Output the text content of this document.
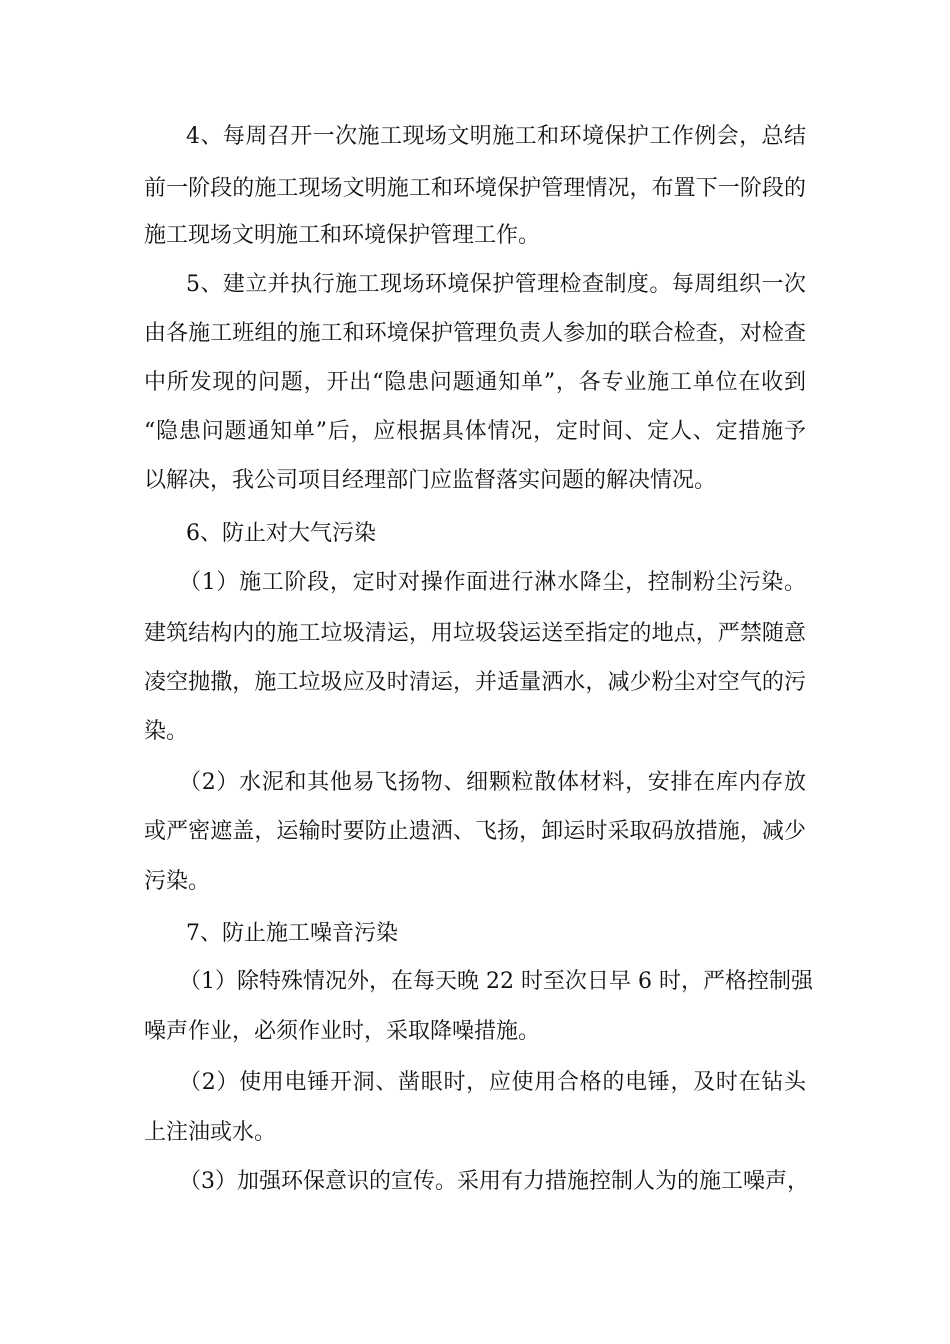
4、每周召开一次施工现场文明施工和环境保护工作例会，总结
前一阶段的施工现场文明施工和环境保护管理情况，布置下一阶段的
施工现场文明施工和环境保护管理工作。
5、建立并执行施工现场环境保护管理检查制度。每周组织一次
由各施工班组的施工和环境保护管理负责人参加的联合检查，对检查
中所发现的问题，开出“隐患问题通知单”，各专业施工单位在收到
“隐患问题通知单”后，应根据具体情况，定时间、定人、定措施予
以解决，我公司项目经理部门应监督落实问题的解决情况。
6、防止对大气污染
（1）施工阶段，定时对操作面进行淋水降尘，控制粉尘污染。
建筑结构内的施工垃圾清运，用垃圾袋运送至指定的地点，严禁随意
凌空抛撒，施工垃圾应及时清运，并适量洒水，减少粉尘对空气的污
染。
（2）水泥和其他易飞扬物、细颗粒散体材料，安排在库内存放
或严密遮盖，运输时要防止遗洒、飞扬，卸运时采取码放措施，减少
污染。
7、防止施工噪音污染
（1）除特殊情况外，在每天晚 22 时至次日早 6 时，严格控制强
噪声作业，必须作业时，采取降噪措施。
（2）使用电锤开洞、凿眼时，应使用合格的电锤，及时在钻头
上注油或水。
（3）加强环保意识的宣传。采用有力措施控制人为的施工噪声，
